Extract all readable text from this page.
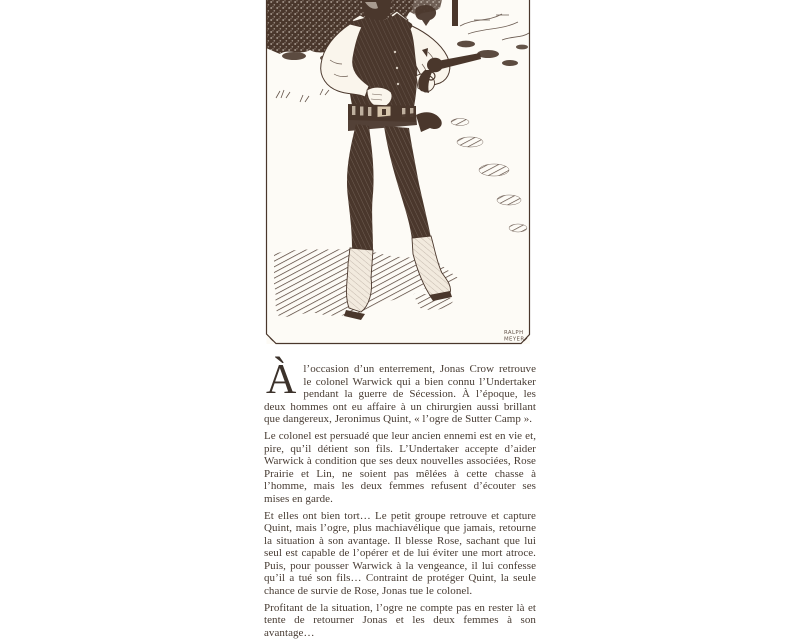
RALPH
MEYER

Àl’occasion d’un enterrement, Jonas Crow retrouve le colonel Warwick qui a bien connu l’Undertaker pendant la guerre de Sécession. À l’époque, les deux hommes ont eu affaire à un chirurgien aussi brillant que dangereux, Jeronimus Quint, « l’ogre de Sutter Camp ».

Le colonel est persuadé que leur ancien ennemi est en vie et, pire, qu’il détient son fils. L’Undertaker accepte d’aider Warwick à condition que ses deux nouvelles associées, Rose Prairie et Lin, ne soient pas mêlées à cette chasse à l’homme, mais les deux femmes refusent d’écouter ses mises en garde.

Et elles ont bien tort… Le petit groupe retrouve et capture Quint, mais l’ogre, plus machiavélique que jamais, retourne la situation à son avantage. Il blesse Rose, sachant que lui seul est capable de l’opérer et de lui éviter une mort atroce. Puis, pour pousser Warwick à la vengeance, il lui confesse qu’il a tué son fils… Contraint de protéger Quint, la seule chance de survie de Rose, Jonas tue le colonel.

Profitant de la situation, l’ogre ne compte pas en rester là et tente de retourner Jonas et les deux femmes à son avantage…
